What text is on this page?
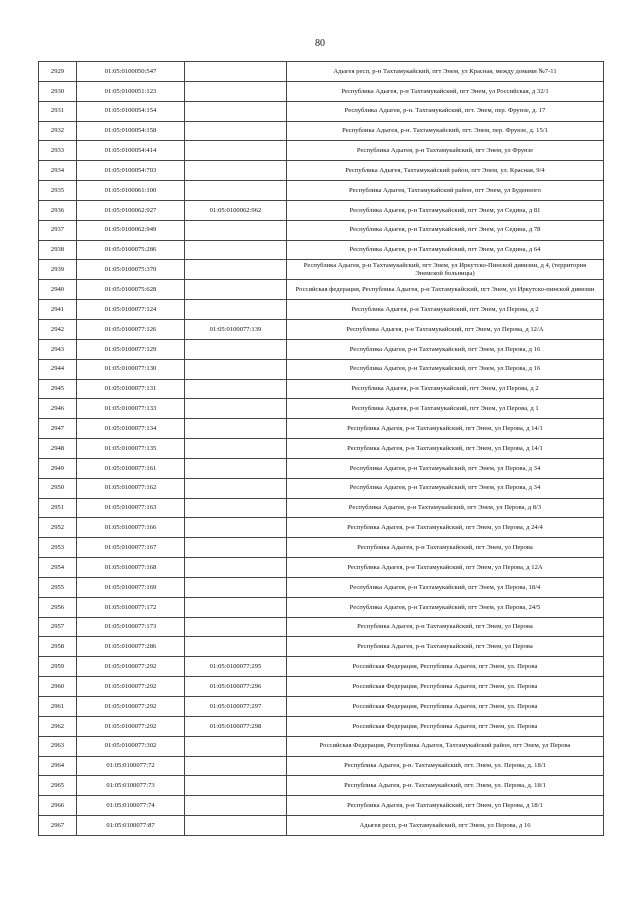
80
2929	01:05:0100050:547		Адыгея респ, р-н Тахтамукайский, пгт Энем, ул Красная, между домами №7-11

2930	01:05:0100051:123		Республика Адыгея, р-н Тахтамукайский, пгт Энем, ул Российская, д 32/1

2931	01:05:0100054:154		Республика Адыгея, р-н. Тахтамукайский, пгт. Энем, пер. Фрунзе, д. 17

2932	01:05:0100054:158		Республика Адыгея, р-н. Тахтамукайский, пгт. Энем, пер. Фрунзе, д. 15/1

2933	01:05:0100054:414		Республика Адыгея, р-н Тахтамукайский, пгт Энем, ул Фрунзе

2934	01:05:0100054:703		Республика Адыгея, Тахтамукайский район, пгт Энем, ул. Красная, 9/4

2935	01:05:0100061:100		Республика Адыгея, Тахтамукайский район, пгт Энем, ул Буденного

2936	01:05:0100062:927	01:05:0100062:962	Республика Адыгея, р-н Тахтамукайский, пгт Энем, ул Седина, д 81

2937	01:05:0100062:949		Республика Адыгея, р-н Тахтамукайский, пгт Энем, ул Седина, д 78

2938	01:05:0100075:286		Республика Адыгея, р-н Тахтамукайский, пгт Энем, ул Седина, д 64

2939	01:05:0100075:370		Республика Адыгея, р-н Тахтамукайский, пгт Энем, ул Иркутско-Пинской дивизии, д 4, (территория Энемской больницы)

2940	01:05:0100075:628		Российская федерация, Республика Адыгея, р-н Тахтамукайский, пгт Энем, ул Иркутско-пинской дивизии

2941	01:05:0100077:124		Республика Адыгея, р-н Тахтамукайский, пгт Энем, ул Перова, д 2

2942	01:05:0100077:126	01:05:0100077:139	Республика Адыгея, р-н Тахтамукайский, пгт Энем, ул Перова, д 12/А

2943	01:05:0100077:129		Республика Адыгея, р-н Тахтамукайский, пгт Энем, ул Перова, д 16

2944	01:05:0100077:130		Республика Адыгея, р-н Тахтамукайский, пгт Энем, ул Перова, д 16

2945	01:05:0100077:131		Республика Адыгея, р-н Тахтамукайский, пгт Энем, ул Перова, д 2

2946	01:05:0100077:133		Республика Адыгея, р-н Тахтамукайский, пгт Энем, ул Перова, д 1

2947	01:05:0100077:134		Республика Адыгея, р-н Тахтамукайский, пгт Энем, ул Перова, д 14/1

2948	01:05:0100077:135		Республика Адыгея, р-н Тахтамукайский, пгт Энем, ул Перова, д 14/1

2949	01:05:0100077:161		Республика Адыгея, р-н Тахтамукайский, пгт Энем, ул Перова, д 34

2950	01:05:0100077:162		Республика Адыгея, р-н Тахтамукайский, пгт Энем, ул Перова, д 34

2951	01:05:0100077:163		Республика Адыгея, р-н Тахтамукайский, пгт Энем, ул Перова, д 8/3

2952	01:05:0100077:166		Республика Адыгея, р-н Тахтамукайский, пгт Энем, ул Перова, д 24/4

2953	01:05:0100077:167		Республика Адыгея, р-н Тахтамукайский, пгт Энем, ул Перова

2954	01:05:0100077:168		Республика Адыгея, р-н Тахтамукайский, пгт Энем, ул Перова, д 12А

2955	01:05:0100077:169		Республика Адыгея, р-н Тахтамукайский, пгт Энем, ул Перова, 18/4

2956	01:05:0100077:172		Республика Адыгея, р-н Тахтамукайский, пгт Энем, ул Перова, 24/5

2957	01:05:0100077:173		Республика Адыгея, р-н Тахтамукайский, пгт Энем, ул Перова

2958	01:05:0100077:286		Республика Адыгея, р-н Тахтамукайский, пгт Энем, ул Перова

2959	01:05:0100077:292	01:05:0100077:295	Российская Федерация, Республика Адыгея, пгт Энем, ул. Перова

2960	01:05:0100077:292	01:05:0100077:296	Российская Федерация, Республика Адыгея, пгт Энем, ул. Перова

2961	01:05:0100077:292	01:05:0100077:297	Российская Федерация, Республика Адыгея, пгт Энем, ул. Перова

2962	01:05:0100077:292	01:05:0100077:298	Российская Федерация, Республика Адыгея, пгт Энем, ул. Перова

2963	01:05:0100077:302		Российская Федерация, Республика Адыгея, Тахтамукайский район, пгт Энем, ул Перова

2964	01:05:0100077:72		Республика Адыгея, р-н. Тахтамукайский, пгт. Энем, ул. Перова, д. 18/1

2965	01:05:0100077:73		Республика Адыгея, р-н. Тахтамукайский, пгт. Энем, ул. Перова, д. 18/1

2966	01:05:0100077:74		Республика Адыгея, р-н Тахтамукайский, пгт Энем, ул Перова, д 18/1

2967	01:05:0100077:87		Адыгея респ, р-н Тахтамукайский, пгт Энем, ул Перова, д 16
